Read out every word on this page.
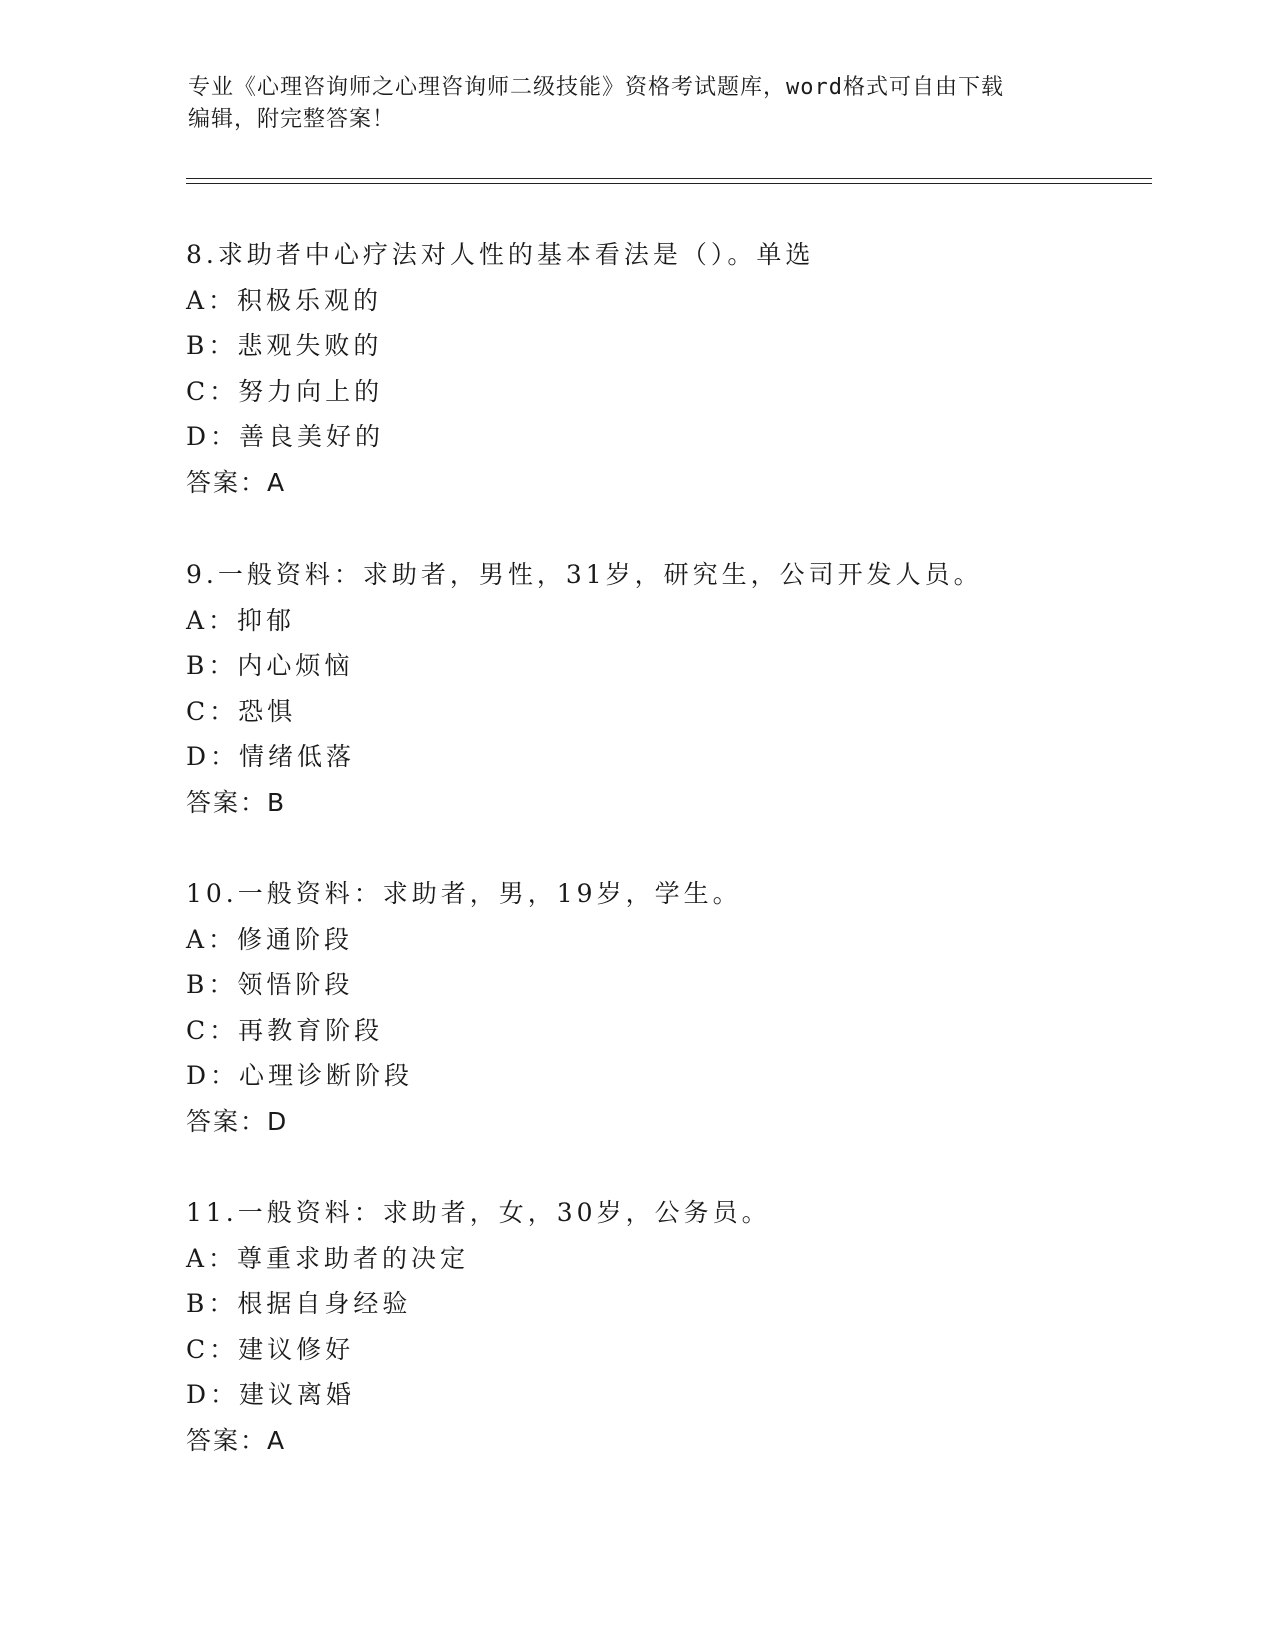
专业《心理咨询师之心理咨询师二级技能》资格考试题库，word格式可自由下载
编辑，附完整答案！
8.求助者中心疗法对人性的基本看法是（）。单选
A：积极乐观的
B：悲观失败的
C：努力向上的
D：善良美好的
答案：A
9.一般资料：求助者，男性，31岁，研究生，公司开发人员。
A：抑郁
B：内心烦恼
C：恐惧
D：情绪低落
答案：B
10.一般资料：求助者，男，19岁，学生。
A：修通阶段
B：领悟阶段
C：再教育阶段
D：心理诊断阶段
答案：D
11.一般资料：求助者，女，30岁，公务员。
A：尊重求助者的决定
B：根据自身经验
C：建议修好
D：建议离婚
答案：A
